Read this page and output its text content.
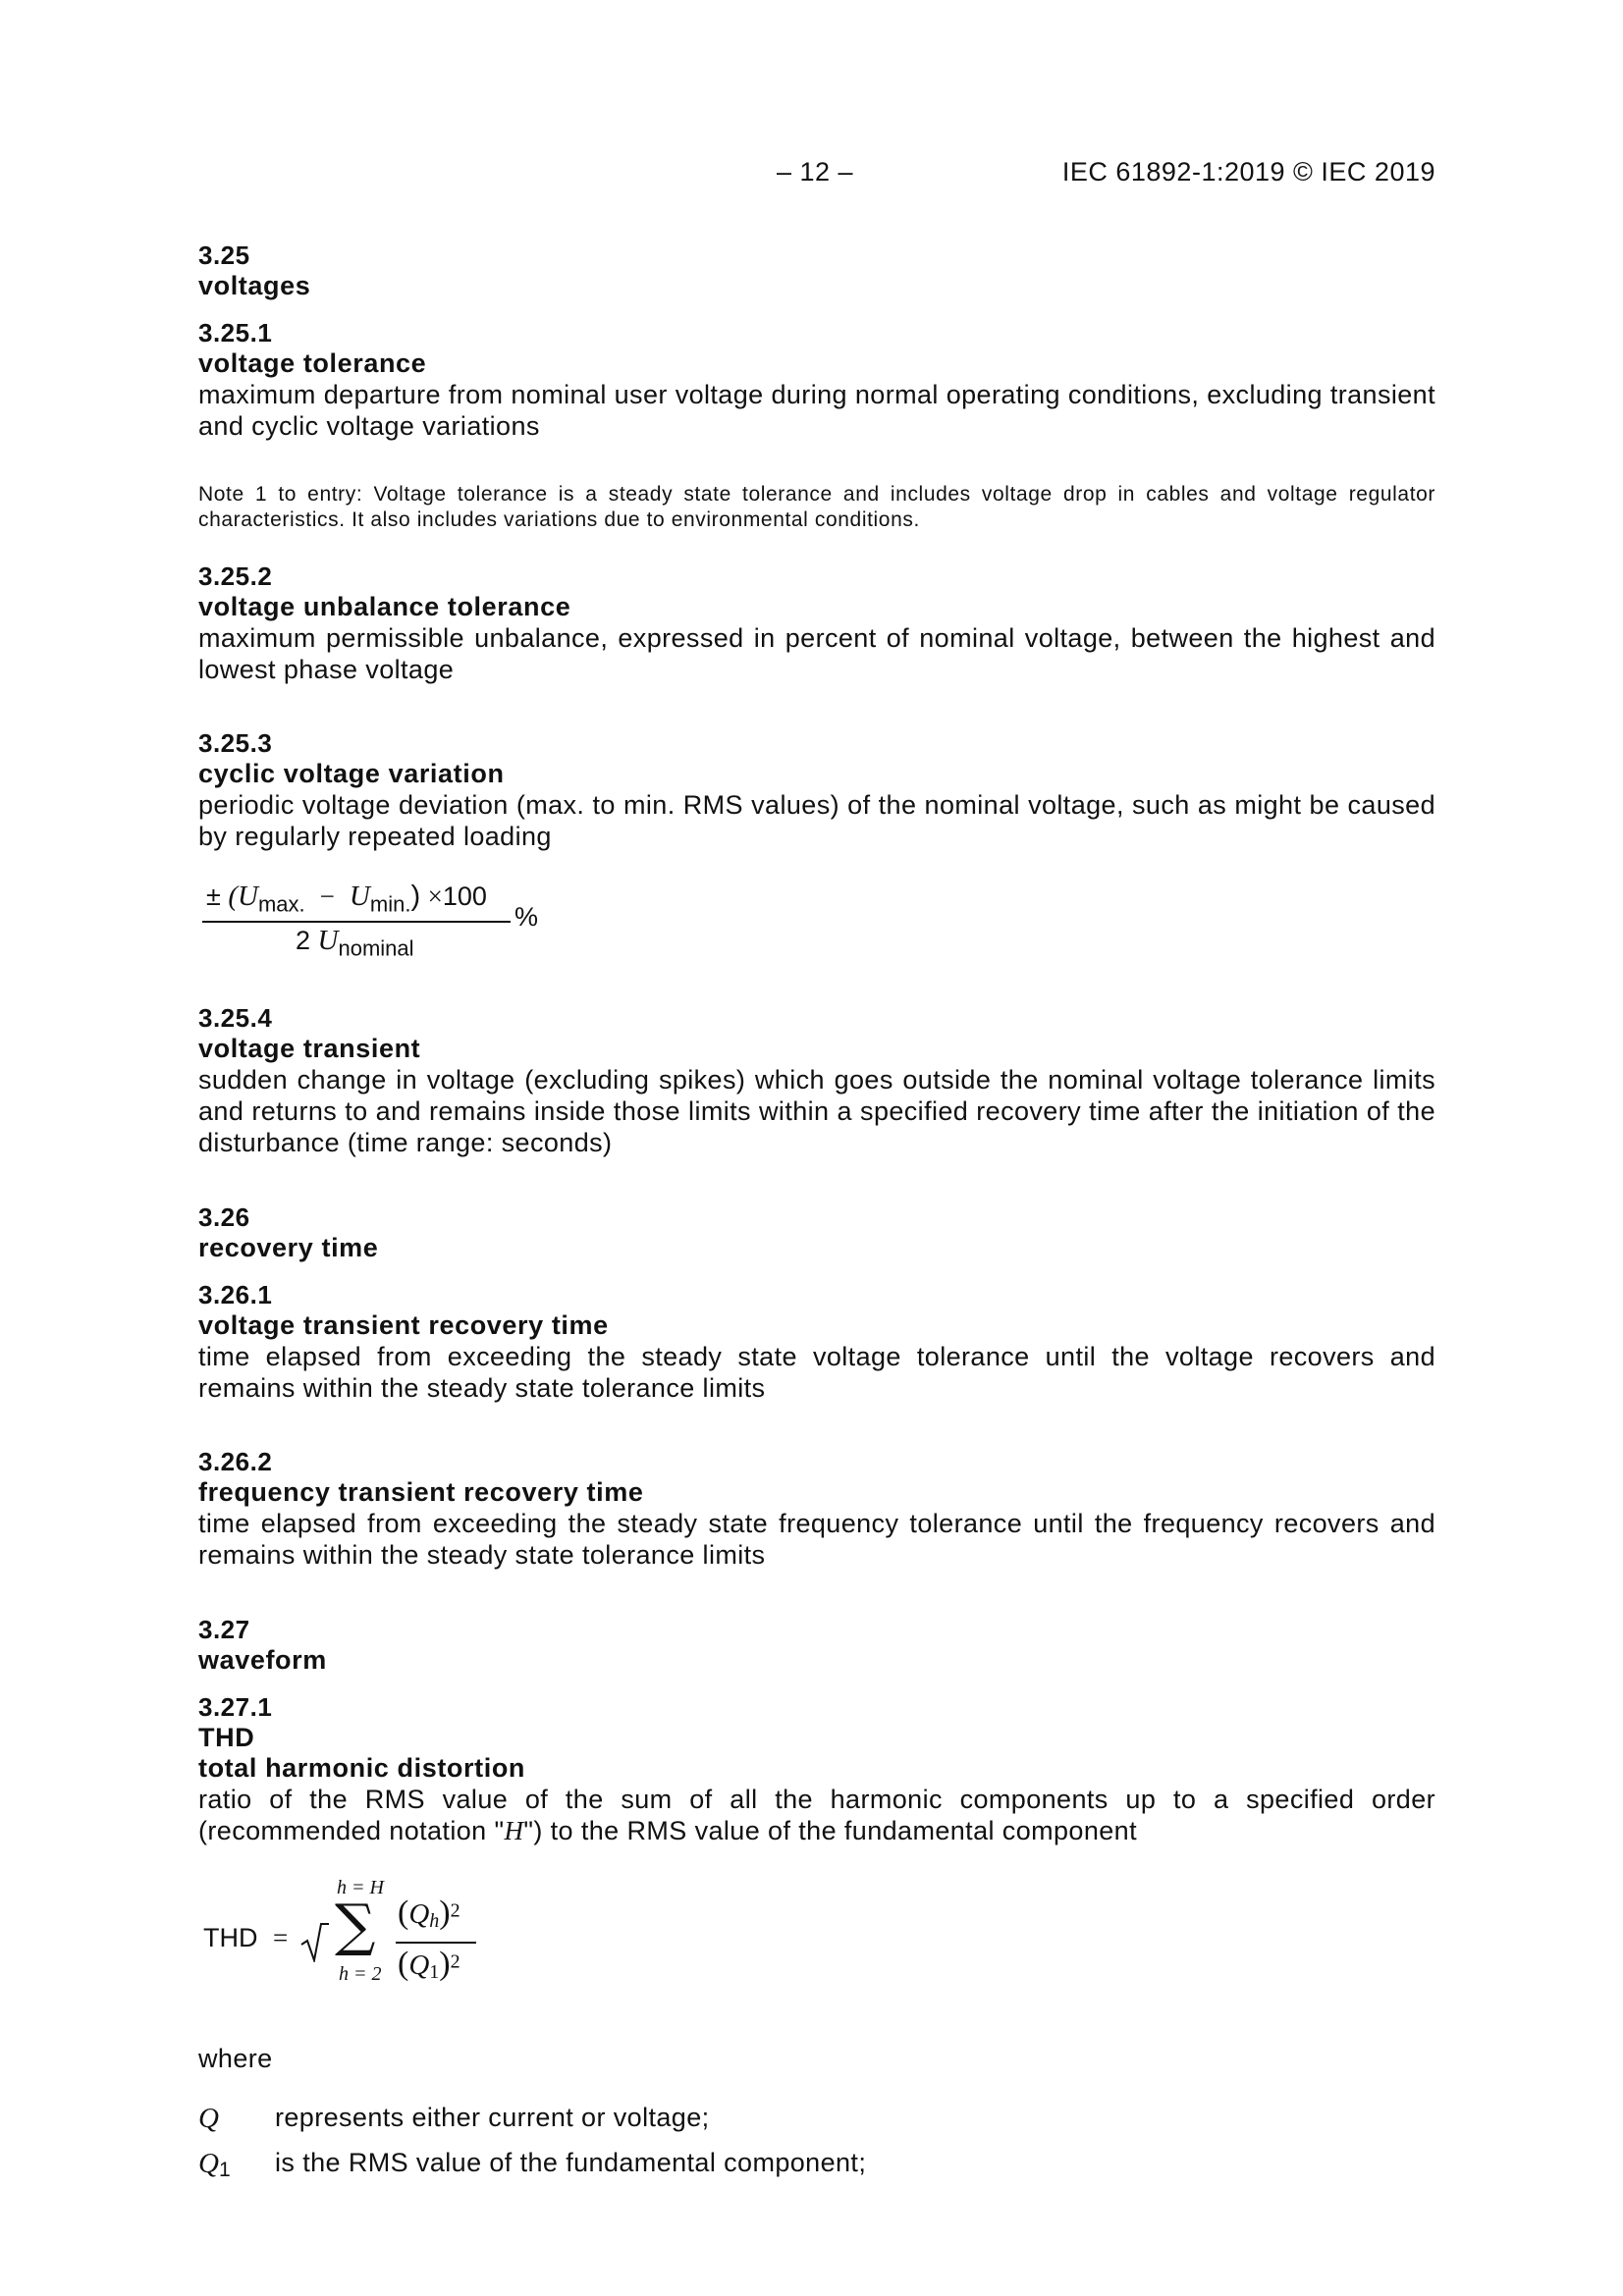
– 12 –	IEC 61892-1:2019 © IEC 2019
3.25
voltages
3.25.1
voltage tolerance
maximum departure from nominal user voltage during normal operating conditions, excluding transient and cyclic voltage variations
Note 1 to entry: Voltage tolerance is a steady state tolerance and includes voltage drop in cables and voltage regulator characteristics. It also includes variations due to environmental conditions.
3.25.2
voltage unbalance tolerance
maximum permissible unbalance, expressed in percent of nominal voltage, between the highest and lowest phase voltage
3.25.3
cyclic voltage variation
periodic voltage deviation (max. to min. RMS values) of the nominal voltage, such as might be caused by regularly repeated loading
± $(U_{max.} - U_{min.}) \times 100$
2 $U_{nominal}$
%
3.25.4
voltage transient
sudden change in voltage (excluding spikes) which goes outside the nominal voltage tolerance limits and returns to and remains inside those limits within a specified recovery time after the initiation of the disturbance (time range: seconds)
3.26
recovery time
3.26.1
voltage transient recovery time
time elapsed from exceeding the steady state voltage tolerance until the voltage recovers and remains within the steady state tolerance limits
3.26.2
frequency transient recovery time
time elapsed from exceeding the steady state frequency tolerance until the frequency recovers and remains within the steady state tolerance limits
3.27
waveform
3.27.1
THD
total harmonic distortion
ratio of the RMS value of the sum of all the harmonic components up to a specified order (recommended notation "H") to the RMS value of the fundamental component
THD =
h = H
∑
h = 2
$(Q_h)^2$
$(Q_1)^2$
where
Q represents either current or voltage;
$Q_1$ is the RMS value of the fundamental component;
